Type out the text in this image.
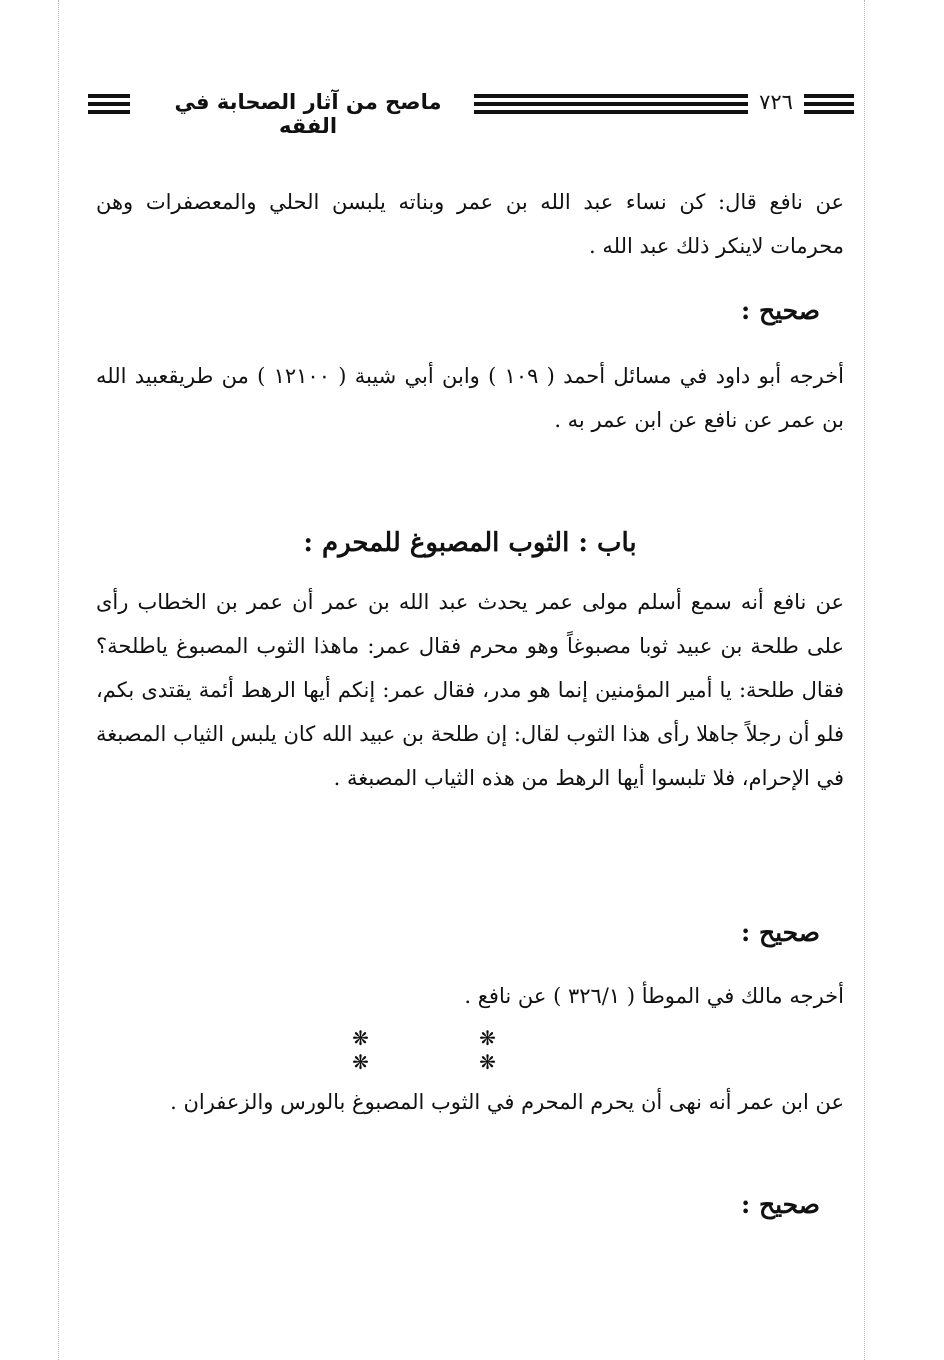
ماصح من آثار الصحابة في الفقه
٧٢٦
عن نافع قال: كن نساء عبد الله بن عمر وبناته يلبسن الحلي والمعصفرات وهن محرمات لاينكر ذلك عبد الله .
صحيح :
أخرجه أبو داود في مسائل أحمد ( ١٠٩ ) وابن أبي شيبة ( ١٢١٠٠ ) من طريقعبيد الله بن عمر عن نافع عن ابن عمر به .
باب : الثوب المصبوغ للمحرم :
عن نافع أنه سمع أسلم مولى عمر يحدث عبد الله بن عمر أن عمر بن الخطاب رأى على طلحة بن عبيد ثوبا مصبوغاً وهو محرم فقال عمر: ماهذا الثوب المصبوغ ياطلحة؟ فقال طلحة: يا أمير المؤمنين إنما هو مدر، فقال عمر: إنكم أيها الرهط أئمة يقتدى بكم، فلو أن رجلاً جاهلا رأى هذا الثوب لقال: إن طلحة بن عبيد الله كان يلبس الثياب المصبغة في الإحرام، فلا تلبسوا أيها الرهط من هذه الثياب المصبغة .
صحيح :
أخرجه مالك في الموطأ ( ٣٢٦/١ ) عن نافع .
❋ ❋ ❋ ❋
عن ابن عمر أنه نهى أن يحرم المحرم في الثوب المصبوغ بالورس والزعفران .
صحيح :
